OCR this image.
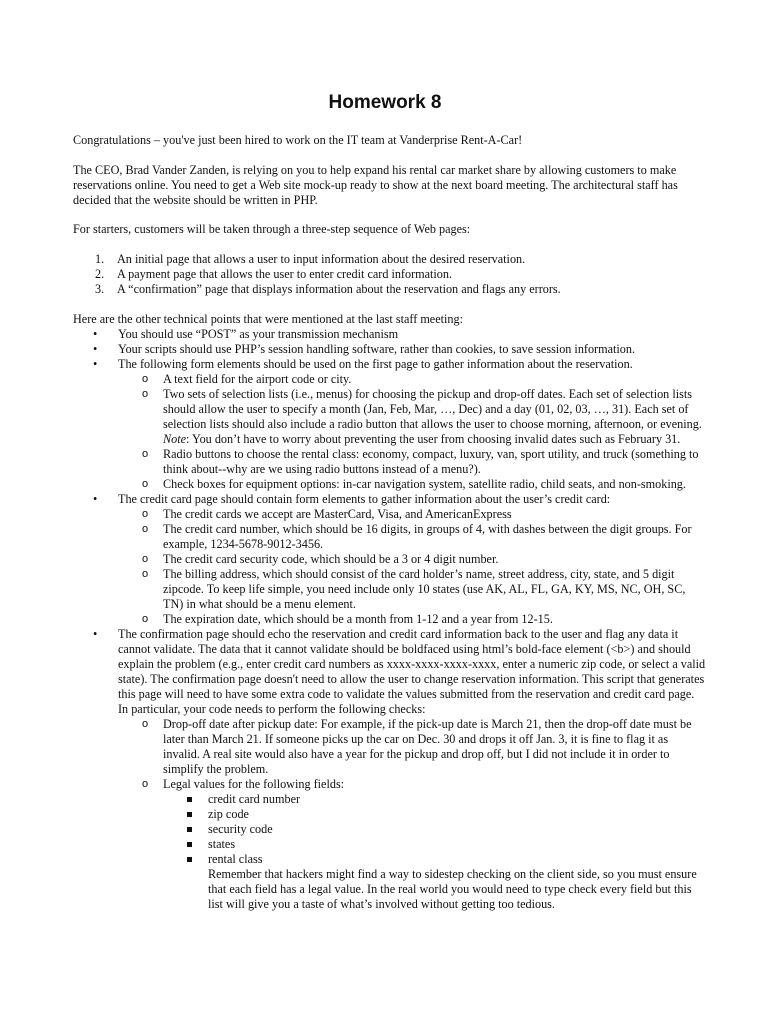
Homework 8

Congratulations – you've just been hired to work on the IT team at Vanderprise Rent-A-Car!

The CEO, Brad Vander Zanden, is relying on you to help expand his rental car market share by allowing customers to make reservations online. You need to get a Web site mock-up ready to show at the next board meeting. The architectural staff has decided that the website should be written in PHP.

For starters, customers will be taken through a three-step sequence of Web pages:

1. An initial page that allows a user to input information about the desired reservation.
2. A payment page that allows the user to enter credit card information.
3. A “confirmation” page that displays information about the reservation and flags any errors.

Here are the other technical points that were mentioned at the last staff meeting:

• You should use “POST” as your transmission mechanism
• Your scripts should use PHP’s session handling software, rather than cookies, to save session information.
• The following form elements should be used on the first page to gather information about the reservation.
o A text field for the airport code or city.
o Two sets of selection lists (i.e., menus) for choosing the pickup and drop-off dates. Each set of selection lists should allow the user to specify a month (Jan, Feb, Mar, …, Dec) and a day (01, 02, 03, …, 31). Each set of selection lists should also include a radio button that allows the user to choose morning, afternoon, or evening. Note: You don’t have to worry about preventing the user from choosing invalid dates such as February 31.
o Radio buttons to choose the rental class: economy, compact, luxury, van, sport utility, and truck (something to think about--why are we using radio buttons instead of a menu?).
o Check boxes for equipment options: in-car navigation system, satellite radio, child seats, and non-smoking.
• The credit card page should contain form elements to gather information about the user’s credit card:
o The credit cards we accept are MasterCard, Visa, and AmericanExpress
o The credit card number, which should be 16 digits, in groups of 4, with dashes between the digit groups. For example, 1234-5678-9012-3456.
o The credit card security code, which should be a 3 or 4 digit number.
o The billing address, which should consist of the card holder’s name, street address, city, state, and 5 digit zipcode. To keep life simple, you need include only 10 states (use AK, AL, FL, GA, KY, MS, NC, OH, SC, TN) in what should be a menu element.
o The expiration date, which should be a month from 1-12 and a year from 12-15.
• The confirmation page should echo the reservation and credit card information back to the user and flag any data it cannot validate. The data that it cannot validate should be boldfaced using html’s bold-face element (<b>) and should explain the problem (e.g., enter credit card numbers as xxxx-xxxx-xxxx-xxxx, enter a numeric zip code, or select a valid state). The confirmation page doesn't need to allow the user to change reservation information. This script that generates this page will need to have some extra code to validate the values submitted from the reservation and credit card page. In particular, your code needs to perform the following checks:
o Drop-off date after pickup date: For example, if the pick-up date is March 21, then the drop-off date must be later than March 21. If someone picks up the car on Dec. 30 and drops it off Jan. 3, it is fine to flag it as invalid. A real site would also have a year for the pickup and drop off, but I did not include it in order to simplify the problem.
o Legal values for the following fields:
credit card number
zip code
security code
states
rental class

Remember that hackers might find a way to sidestep checking on the client side, so you must ensure that each field has a legal value. In the real world you would need to type check every field but this list will give you a taste of what’s involved without getting too tedious.
